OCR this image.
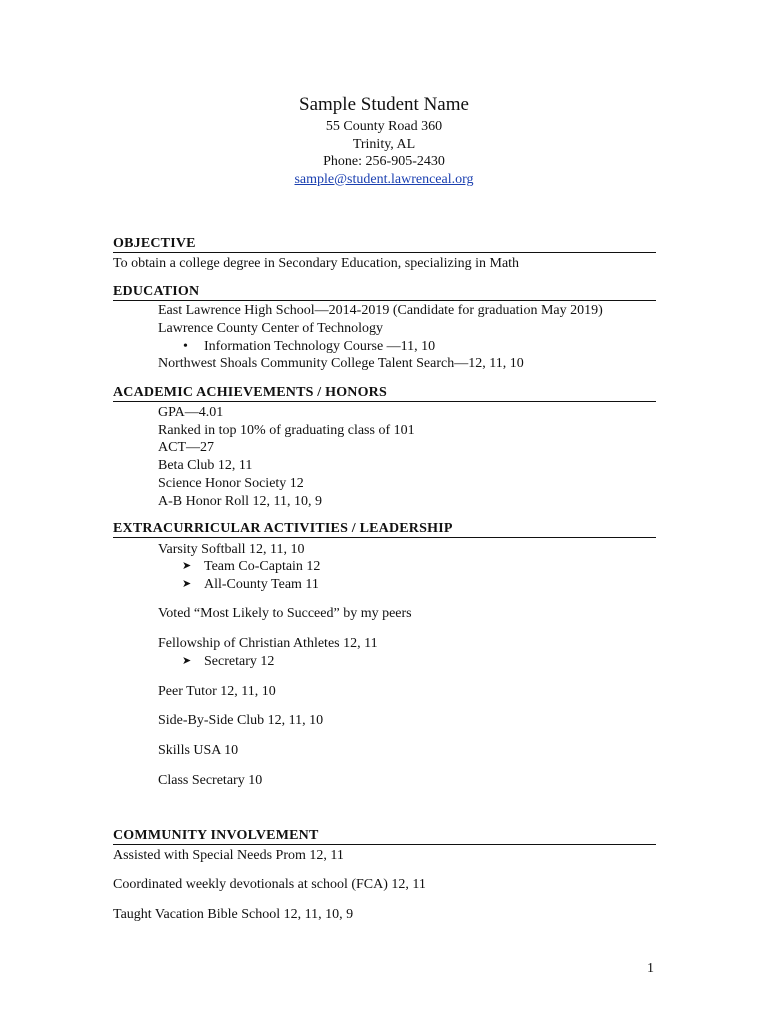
Sample Student Name
55 County Road 360
Trinity, AL
Phone: 256-905-2430
sample@student.lawrenceal.org
OBJECTIVE
To obtain a college degree in Secondary Education, specializing in Math
EDUCATION
East Lawrence High School—2014-2019 (Candidate for graduation May 2019)
Lawrence County Center of Technology
• Information Technology Course —11, 10
Northwest Shoals Community College Talent Search—12, 11, 10
ACADEMIC ACHIEVEMENTS / HONORS
GPA—4.01
Ranked in top 10% of graduating class of 101
ACT—27
Beta Club 12, 11
Science Honor Society 12
A-B Honor Roll 12, 11, 10, 9
EXTRACURRICULAR ACTIVITIES / LEADERSHIP
Varsity Softball 12, 11, 10
➤ Team Co-Captain 12
➤ All-County Team 11
Voted “Most Likely to Succeed” by my peers
Fellowship of Christian Athletes 12, 11
➤ Secretary 12
Peer Tutor 12, 11, 10
Side-By-Side Club 12, 11, 10
Skills USA 10
Class Secretary 10
COMMUNITY INVOLVEMENT
Assisted with Special Needs Prom 12, 11
Coordinated weekly devotionals at school (FCA) 12, 11
Taught Vacation Bible School 12, 11, 10, 9
1
